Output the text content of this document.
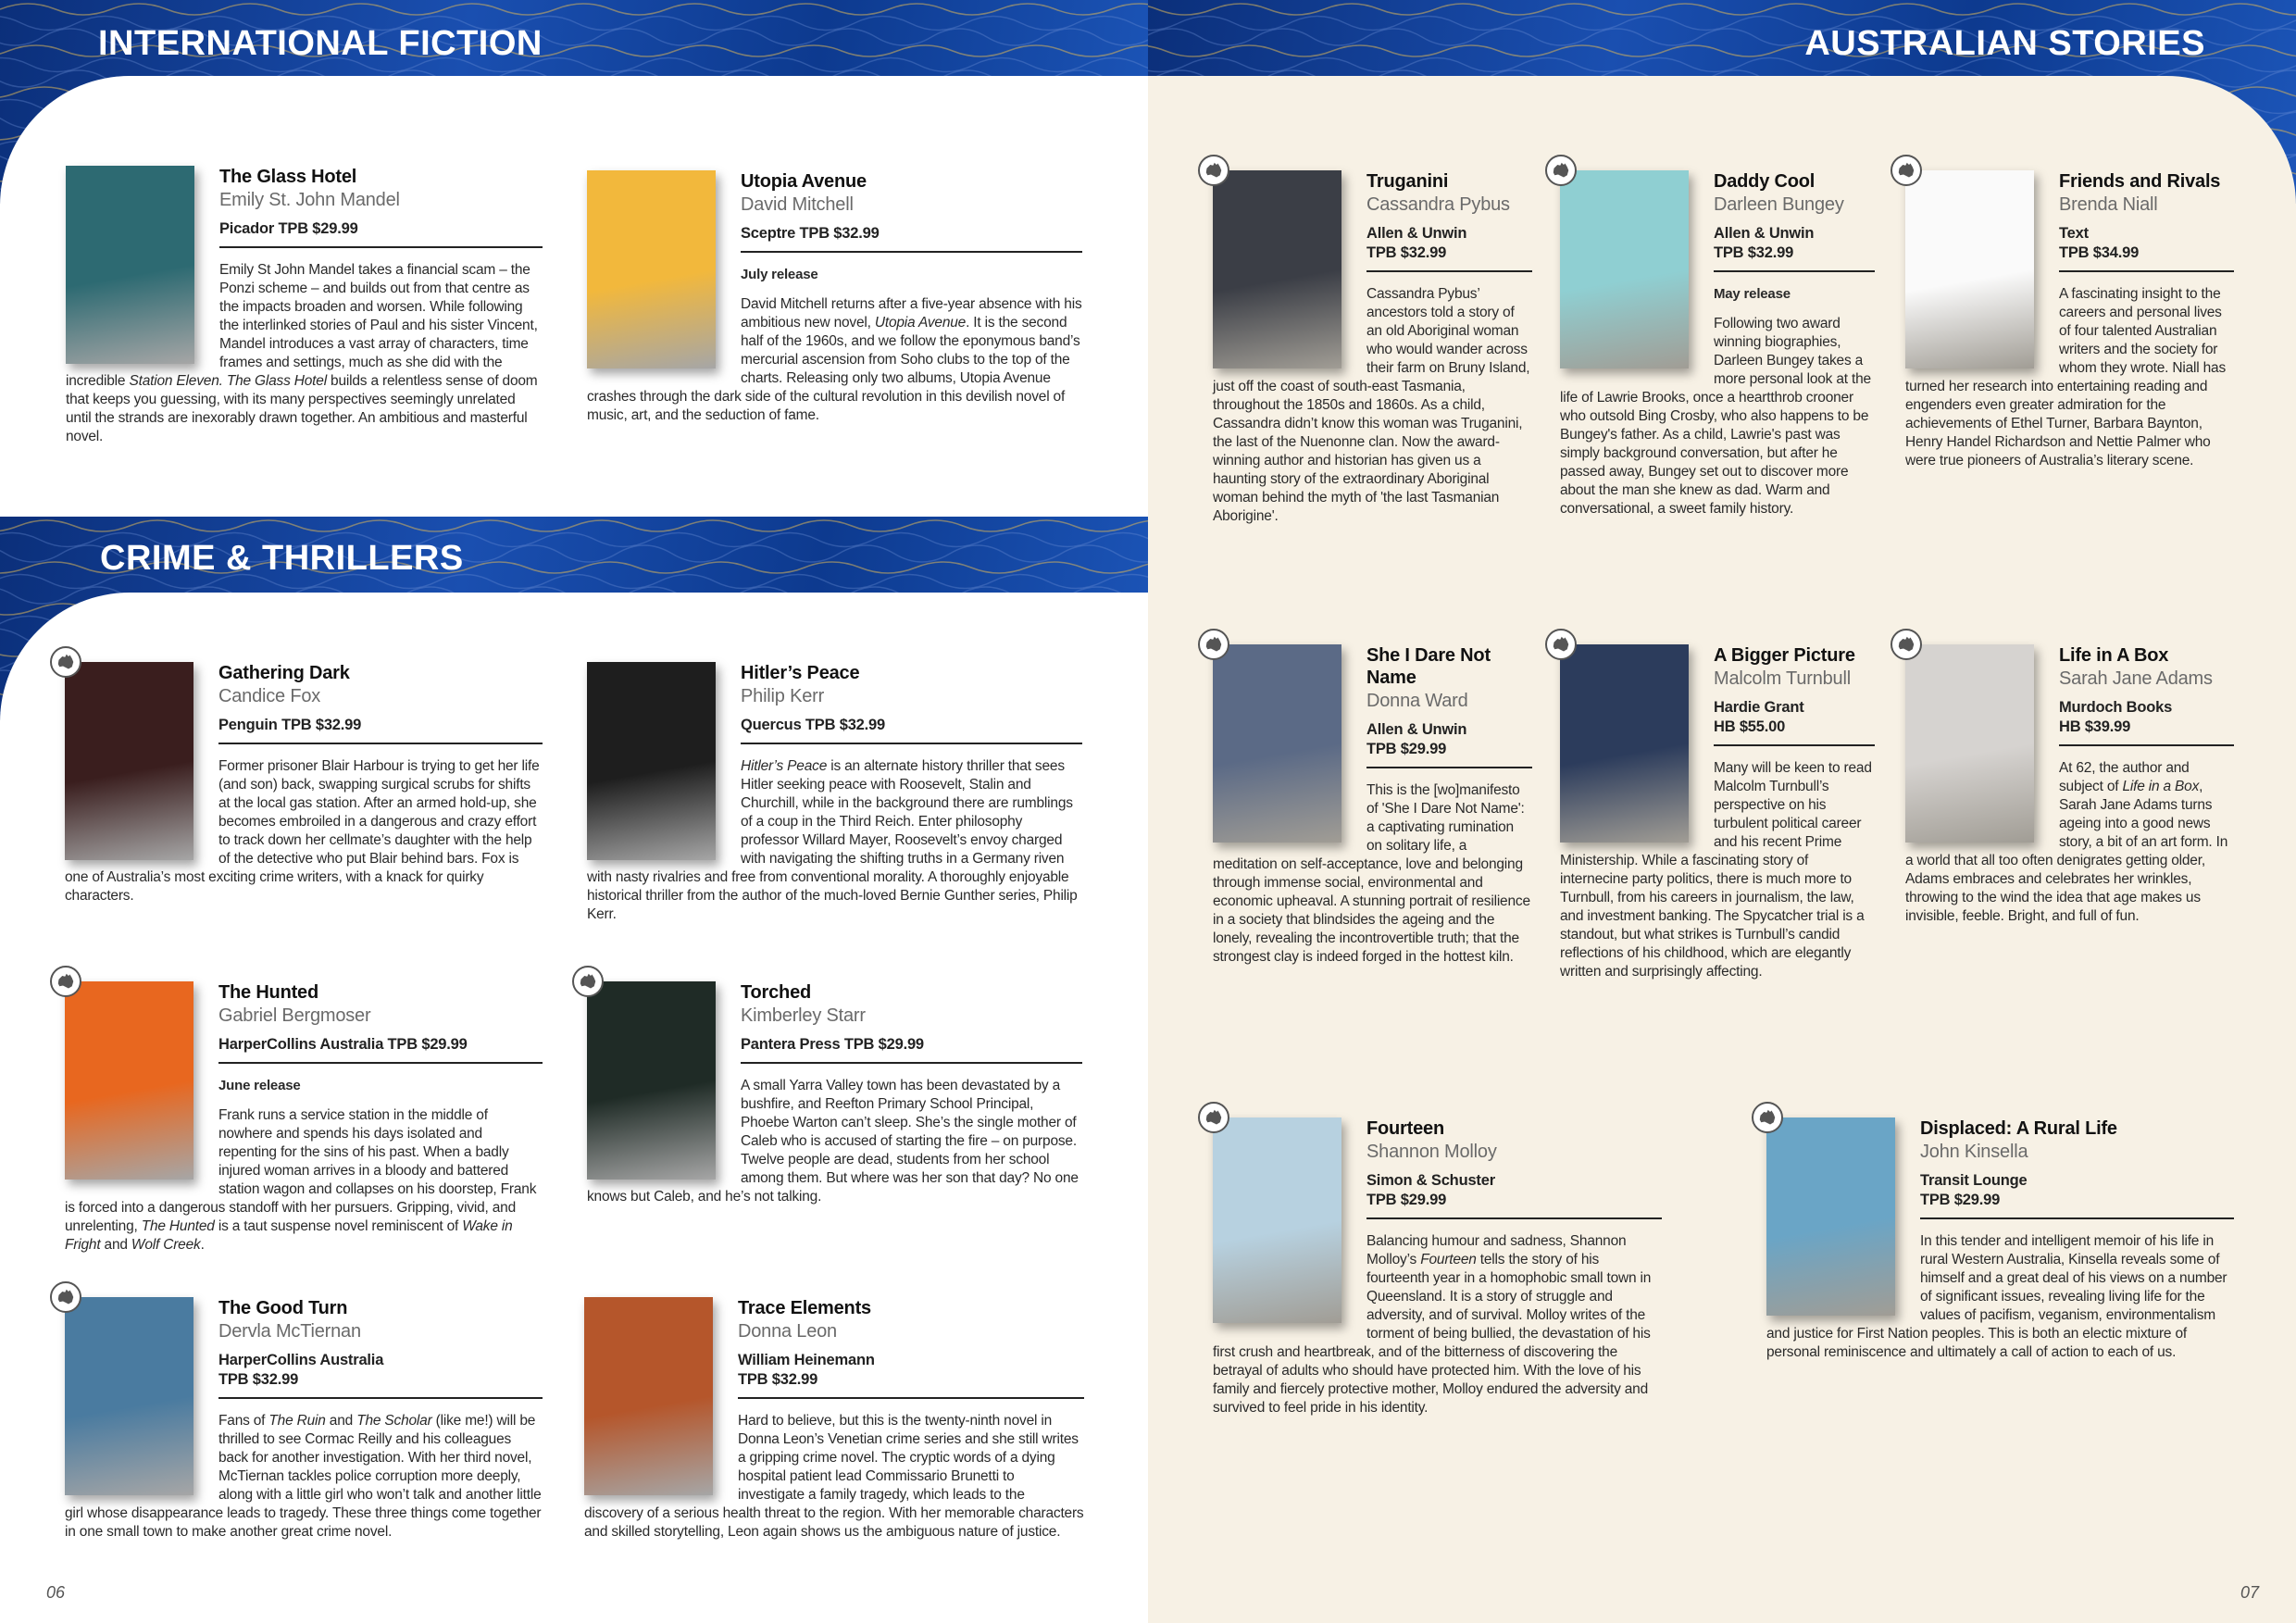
INTERNATIONAL FICTION
CRIME & THRILLERS
AUSTRALIAN STORIES
The Glass Hotel
Emily St. John Mandel
Picador TPB $29.99
Emily St John Mandel takes a financial scam – the Ponzi scheme – and builds out from that centre as the impacts broaden and worsen. While following the interlinked stories of Paul and his sister Vincent, Mandel introduces a vast array of characters, time frames and settings, much as she did with the incredible Station Eleven. The Glass Hotel builds a relentless sense of doom that keeps you guessing, with its many perspectives seemingly unrelated until the strands are inexorably drawn together. An ambitious and masterful novel.
Utopia Avenue
David Mitchell
Sceptre TPB $32.99
July release
David Mitchell returns after a five-year absence with his ambitious new novel, Utopia Avenue. It is the second half of the 1960s, and we follow the eponymous band’s mercurial ascension from Soho clubs to the top of the charts. Releasing only two albums, Utopia Avenue crashes through the dark side of the cultural revolution in this devilish novel of music, art, and the seduction of fame.
Gathering Dark
Candice Fox
Penguin TPB $32.99
Former prisoner Blair Harbour is trying to get her life (and son) back, swapping surgical scrubs for shifts at the local gas station. After an armed hold-up, she becomes embroiled in a dangerous and crazy effort to track down her cellmate’s daughter with the help of the detective who put Blair behind bars. Fox is one of Australia’s most exciting crime writers, with a knack for quirky characters.
Hitler’s Peace
Philip Kerr
Quercus TPB $32.99
Hitler’s Peace is an alternate history thriller that sees Hitler seeking peace with Roosevelt, Stalin and Churchill, while in the background there are rumblings of a coup in the Third Reich. Enter philosophy professor Willard Mayer, Roosevelt’s envoy charged with navigating the shifting truths in a Germany riven with nasty rivalries and free from conventional morality. A thoroughly enjoyable historical thriller from the author of the much-loved Bernie Gunther series, Philip Kerr.
The Hunted
Gabriel Bergmoser
HarperCollins Australia TPB $29.99
June release
Frank runs a service station in the middle of nowhere and spends his days isolated and repenting for the sins of his past. When a badly injured woman arrives in a bloody and battered station wagon and collapses on his doorstep, Frank is forced into a dangerous standoff with her pursuers. Gripping, vivid, and unrelenting, The Hunted is a taut suspense novel reminiscent of Wake in Fright and Wolf Creek.
Torched
Kimberley Starr
Pantera Press TPB $29.99
A small Yarra Valley town has been devastated by a bushfire, and Reefton Primary School Principal, Phoebe Warton can’t sleep. She’s the single mother of Caleb who is accused of starting the fire – on purpose. Twelve people are dead, students from her school among them. But where was her son that day? No one knows but Caleb, and he’s not talking.
The Good Turn
Dervla McTiernan
HarperCollins Australia
TPB $32.99
Fans of The Ruin and The Scholar (like me!) will be thrilled to see Cormac Reilly and his colleagues back for another investigation. With her third novel, McTiernan tackles police corruption more deeply, along with a little girl who won’t talk and another little girl whose disappearance leads to tragedy. These three things come together in one small town to make another great crime novel.
Trace Elements
Donna Leon
William Heinemann
TPB $32.99
Hard to believe, but this is the twenty-ninth novel in Donna Leon’s Venetian crime series and she still writes a gripping crime novel. The cryptic words of a dying hospital patient lead Commissario Brunetti to investigate a family tragedy, which leads to the discovery of a serious health threat to the region. With her memorable characters and skilled storytelling, Leon again shows us the ambiguous nature of justice.
Truganini
Cassandra Pybus
Allen & Unwin
TPB $32.99
Cassandra Pybus’ ancestors told a story of an old Aboriginal woman who would wander across their farm on Bruny Island, just off the coast of south-east Tasmania, throughout the 1850s and 1860s. As a child, Cassandra didn’t know this woman was Truganini, the last of the Nuenonne clan. Now the award-winning author and historian has given us a haunting story of the extraordinary Aboriginal woman behind the myth of 'the last Tasmanian Aborigine'.
Daddy Cool
Darleen Bungey
Allen & Unwin
TPB $32.99
May release
Following two award winning biographies, Darleen Bungey takes a more personal look at the life of Lawrie Brooks, once a heartthrob crooner who outsold Bing Crosby, who also happens to be Bungey's father. As a child, Lawrie's past was simply background conversation, but after he passed away, Bungey set out to discover more about the man she knew as dad. Warm and conversational, a sweet family history.
Friends and Rivals
Brenda Niall
Text
TPB $34.99
A fascinating insight to the careers and personal lives of four talented Australian writers and the society for whom they wrote. Niall has turned her research into entertaining reading and engenders even greater admiration for the achievements of Ethel Turner, Barbara Baynton, Henry Handel Richardson and Nettie Palmer who were true pioneers of Australia’s literary scene.
She I Dare Not Name
Donna Ward
Allen & Unwin
TPB $29.99
This is the [wo]manifesto of 'She I Dare Not Name': a captivating rumination on solitary life, a meditation on self-acceptance, love and belonging through immense social, environmental and economic upheaval. A stunning portrait of resilience in a society that blindsides the ageing and the lonely, revealing the incontrovertible truth; that the strongest clay is indeed forged in the hottest kiln.
A Bigger Picture
Malcolm Turnbull
Hardie Grant
HB $55.00
Many will be keen to read Malcolm Turnbull’s perspective on his turbulent political career and his recent Prime Ministership. While a fascinating story of internecine party politics, there is much more to Turnbull, from his careers in journalism, the law, and investment banking. The Spycatcher trial is a standout, but what strikes is Turnbull’s candid reflections of his childhood, which are elegantly written and surprisingly affecting.
Life in A Box
Sarah Jane Adams
Murdoch Books
HB $39.99
At 62, the author and subject of Life in a Box, Sarah Jane Adams turns ageing into a good news story, a bit of an art form. In a world that all too often denigrates getting older, Adams embraces and celebrates her wrinkles, throwing to the wind the idea that age makes us invisible, feeble. Bright, and full of fun.
Fourteen
Shannon Molloy
Simon & Schuster
TPB $29.99
Balancing humour and sadness, Shannon Molloy’s Fourteen tells the story of his fourteenth year in a homophobic small town in Queensland. It is a story of struggle and adversity, and of survival. Molloy writes of the torment of being bullied, the devastation of his first crush and heartbreak, and of the bitterness of discovering the betrayal of adults who should have protected him. With the love of his family and fiercely protective mother, Molloy endured the adversity and survived to feel pride in his identity.
Displaced: A Rural Life
John Kinsella
Transit Lounge
TPB $29.99
In this tender and intelligent memoir of his life in rural Western Australia, Kinsella reveals some of himself and a great deal of his views on a number of significant issues, revealing living life for the values of pacifism, veganism, environmentalism and justice for First Nation peoples. This is both an electic mixture of personal reminiscence and ultimately a call of action to each of us.
06	07
